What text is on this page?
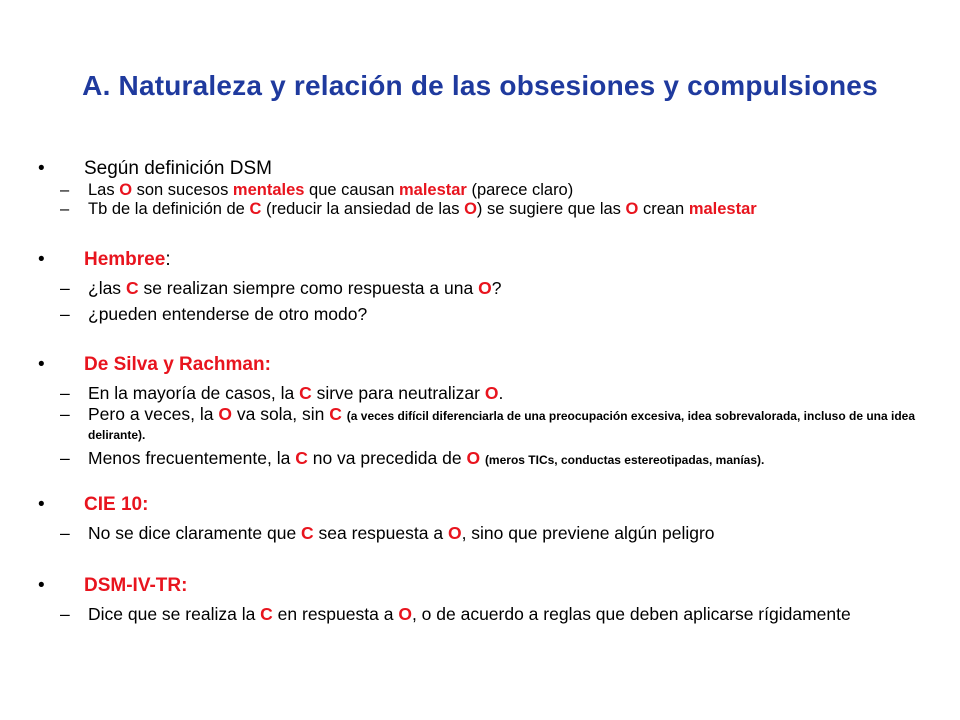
A. Naturaleza y relación de las obsesiones y compulsiones
•	Según definición DSM
– Las O son sucesos mentales que causan malestar (parece claro)
– Tb de la definición de C (reducir la ansiedad de las O) se sugiere que las O crean malestar
•	Hembree:
– ¿las C se realizan siempre como respuesta a una O?
– ¿pueden entenderse de otro modo?
•	De Silva y Rachman:
– En la mayoría de casos, la C sirve para neutralizar O.
– Pero a veces, la O va sola, sin C (a veces difícil diferenciarla de una preocupación excesiva, idea sobrevalorada, incluso de una idea delirante).
– Menos frecuentemente, la C no va precedida de O (meros TICs, conductas estereotipadas, manías).
•	CIE 10:
– No se dice claramente que C sea respuesta a O, sino que previene algún peligro
•	DSM-IV-TR:
– Dice que se realiza la C en respuesta a O, o de acuerdo a reglas que deben aplicarse rígidamente
